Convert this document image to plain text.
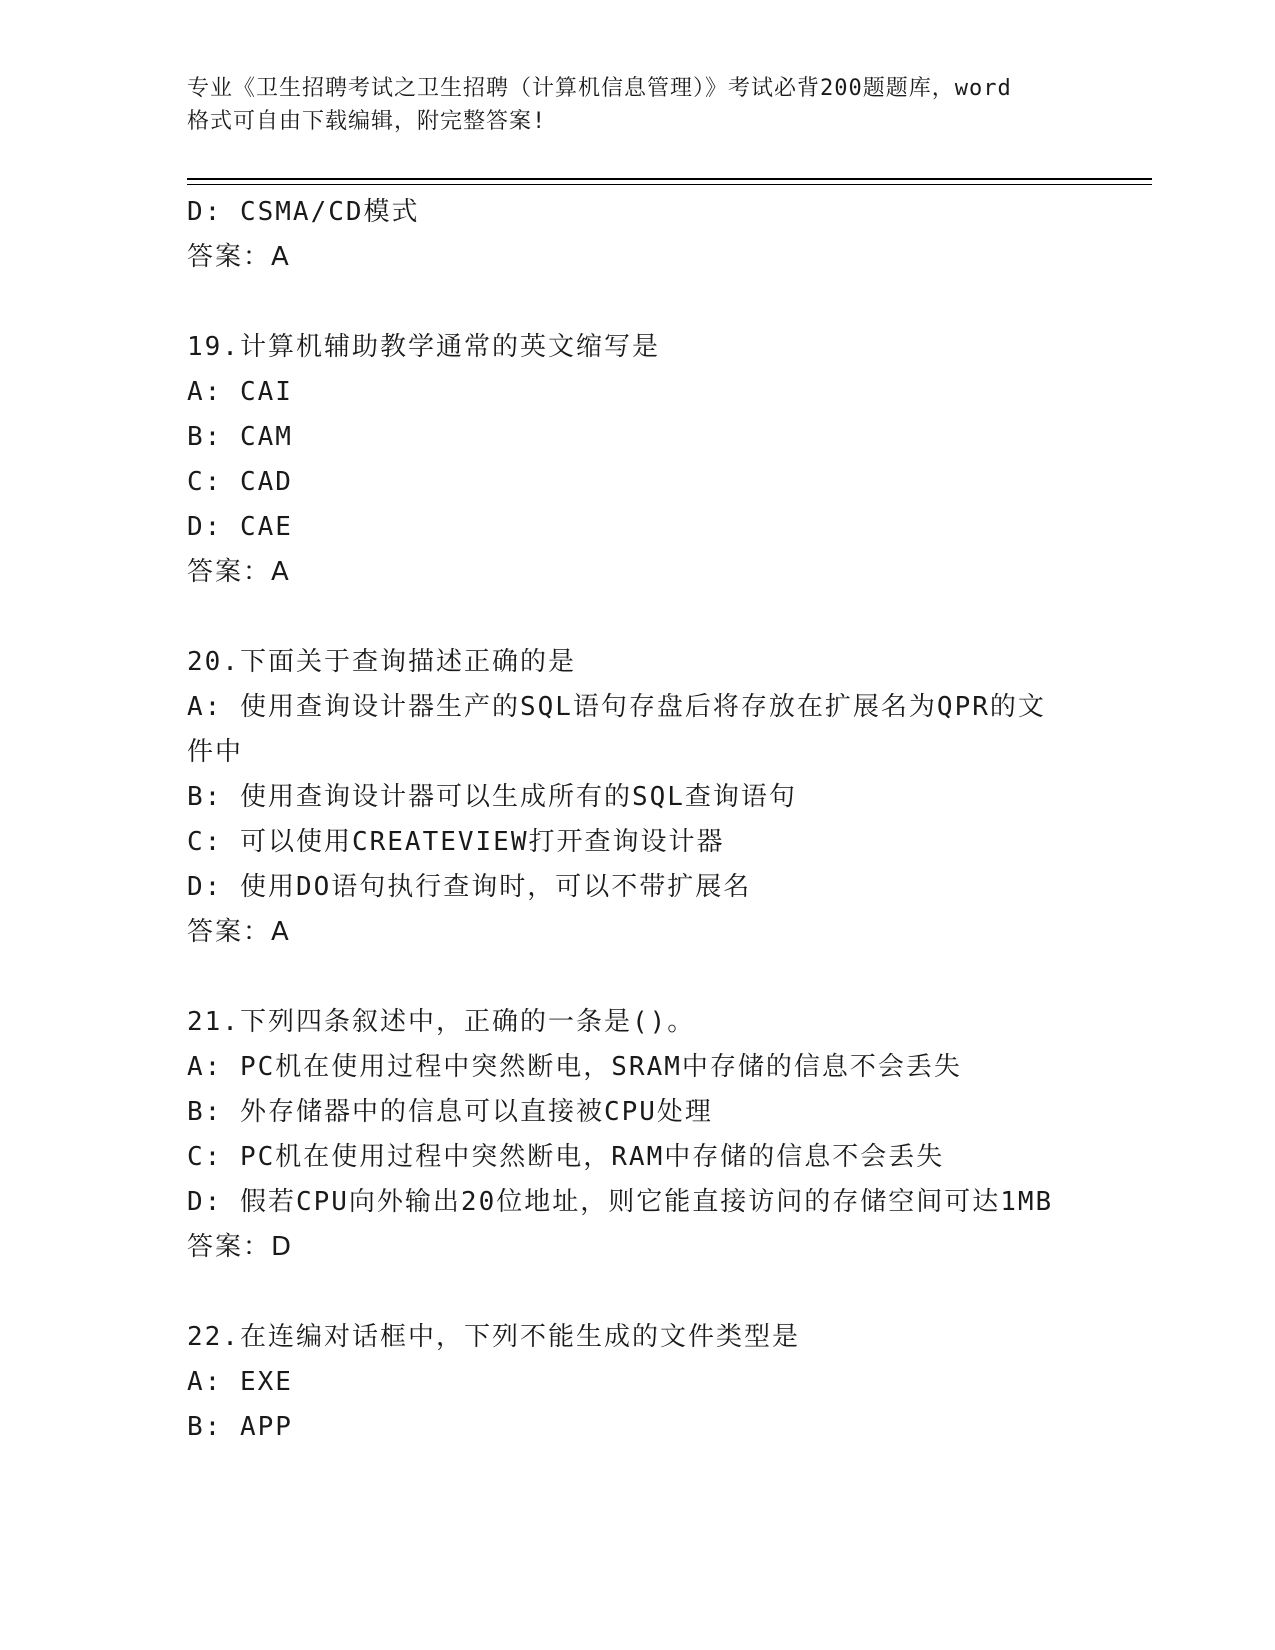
专业《卫生招聘考试之卫生招聘（计算机信息管理）》考试必背200题题库，word
格式可自由下载编辑，附完整答案!
D: CSMA/CD模式
答案：A
19.计算机辅助教学通常的英文缩写是
A: CAI
B: CAM
C: CAD
D: CAE
答案：A
20.下面关于查询描述正确的是
A: 使用查询设计器生产的SQL语句存盘后将存放在扩展名为QPR的文
件中
B: 使用查询设计器可以生成所有的SQL查询语句
C: 可以使用CREATEVIEW打开查询设计器
D: 使用DO语句执行查询时，可以不带扩展名
答案：A
21.下列四条叙述中，正确的一条是()。
A: PC机在使用过程中突然断电，SRAM中存储的信息不会丢失
B: 外存储器中的信息可以直接被CPU处理
C: PC机在使用过程中突然断电，RAM中存储的信息不会丢失
D: 假若CPU向外输出20位地址，则它能直接访问的存储空间可达1MB
答案：D
22.在连编对话框中，下列不能生成的文件类型是
A: EXE
B: APP
